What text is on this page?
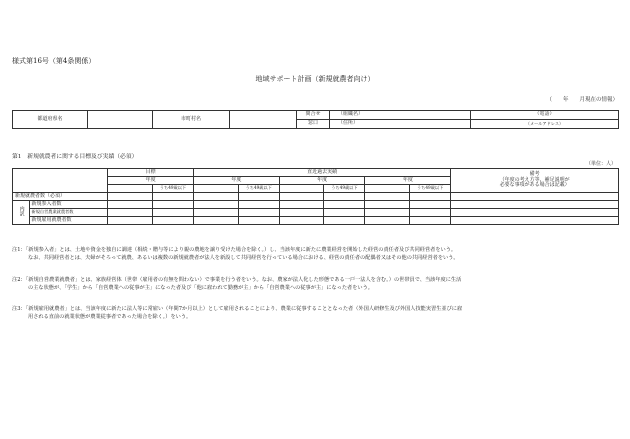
様式第16号（第4条関係）
地域サポート計画（新規就農者向け）
（　　年　　月現在の情報）
都道府県名		市町村名		問合せ	（組織名）	（電話）
				窓口	（住所）	（メールアドレス）
第1　新規就農者に関する目標及び実績（必須）
（単位：人）
		目標		直近過去実績						備考
（年度の考え方等、補足説明が
必要な事項がある場合は記載）

		年度		年度		年度		年度		
			うち49歳以下		うち49歳以下		うち49歳以下		うち49歳以下	
新規就農者数（必須）										
内訳	新規参入者数									
	新規自営農業就農者数									
	新規雇用就農者数									
注1：「新規参入者」とは、土地や資金を独自に調達（相続・贈与等により親の農地を譲り受けた場合を除く。）し、当該年度に新たに農業経営を開始した経営の責任者及び共同経営者をいう。
なお、共同経営者とは、夫婦がそろって就農、あるいは複数の新規就農者が法人を新設して共同経営を行っている場合における、経営の責任者の配偶者又はその他の共同経営者をいう。
注2：「新規自営農業就農者」とは、家族経営体（世帯（雇用者の有無を問わない）で事業を行う者をいう。なお、農家が法人化した形態である一戸一法人を含む。）の世帯員で、当該年度に生活
の主な状態が、「学生」から「自営農業への従事が主」になった者及び「他に雇われて勤務が主」から「自営農業への従事が主」になった者をいう。
注3：「新規雇用就農者」とは、当該年度に新たに法人等に常雇い（年間7か月以上）として雇用されることにより、農業に従事することとなった者（外国人研修生及び外国人技能実習生並びに雇
用される直前の就業状態が農業従事者であった場合を除く。）をいう。
